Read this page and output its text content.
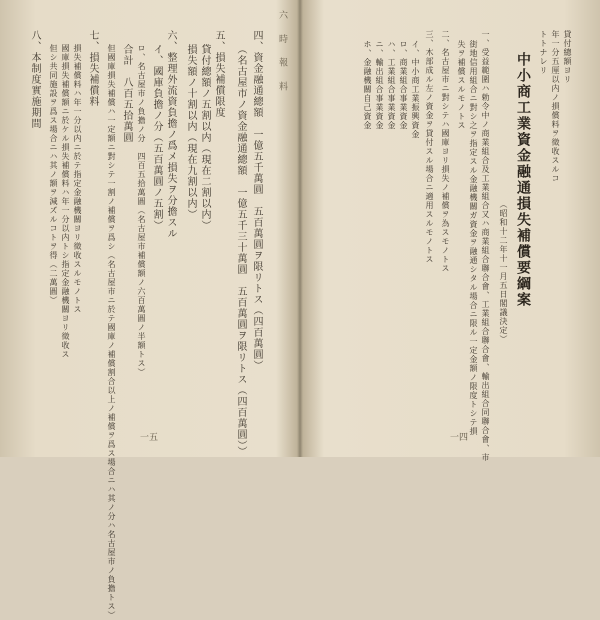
六 時 報 料
四、資金融通總額　一億五千萬圓　五百萬圓ヲ限リトス（四百萬圓）
（名古屋市ノ資金融通總額　一億五千三十萬圓　五百萬圓ヲ限リトス（四百萬圓））
五、損失補償限度
貸付總額ノ五割以内（現在二割以内）
損失額ノ十割以内（現在九割以内）
六、整理外流資負擔ノ爲メ損失ヲ分擔スル
イ、國庫負擔ノ分（五百萬圓ノ五割）
ロ、名古屋市ノ負擔ノ分　四百五拾萬圓（名古屋市補償額ノ六百萬圓ノ半額トス）
合計　八百五拾萬圓
但國庫損失補償ハ一定額ニ對シテ一割ノ補償ヲ爲シ（名古屋市ニ於テ國庫ノ補償割合以上ノ補償ヲ爲ス場合ニハ其ノ分ハ名古屋市ノ負擔トス）
七、損失補償料
損失補償料ハ年一分以内ニ於テ指定金融機關ヨリ徵收スルモノトス
國庫損失補償額ニ於ケル損失補償料ハ年一分以内トシ指定金融機關ヨリ徵收ス
但シ共同施設ヲ爲ス場合ニハ其ノ額ヲ減ズルコトヲ得（二萬圓）
八、本制度實施期間
一五
貸付總額ヨリ
年一分五厘以内ノ損償料ヲ徵收スルコ
トトナレリ
中小商工業資金融通損失補償要綱案
（昭和十二年十一月五日閣議決定）
一、受益範圍ハ勅令中ノ商業組合及工業組合又ハ商業組合聯合會、工業組合聯合會、輸出組合同聯合會、市
街地信用組合ニ對シ之ヲ指定スル金融機關ガ資金ヲ融通シタル場合ニ限ル一定金額ノ限度トシテ損
失ヲ補償スルモノトス
二、名古屋市ニ對シテハ國庫ヨリ損失ノ補償ヲ為スモノトス
三、木部成ル左ノ資金ヲ貸付スル場合ニ適用スルモノトス
イ、中小商工業振興資金
ロ、商業組合事業資金
ハ、工業組合事業資金
ニ、輸出組合事業資金
ホ、金融機關自己資金
一四
